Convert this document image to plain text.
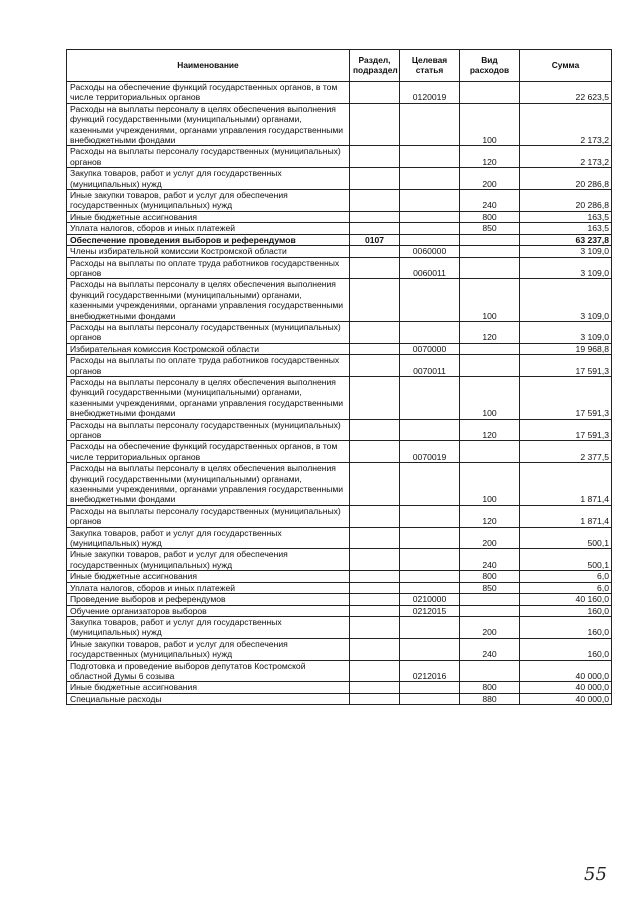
Наименование	Раздел, подраздел	Целевая статья	Вид расходов	Сумма
Расходы на обеспечение функций государственных органов, в том числе территориальных органов		0120019		22 623,5
Расходы на выплаты персоналу в целях обеспечения выполнения функций государственными (муниципальными) органами, казенными учреждениями, органами управления государственными внебюджетными фондами			100	2 173,2
Расходы на выплаты персоналу государственных (муниципальных) органов			120	2 173,2
Закупка товаров, работ и услуг для государственных (муниципальных) нужд			200	20 286,8
Иные закупки товаров, работ и услуг для обеспечения государственных (муниципальных) нужд			240	20 286,8
Иные бюджетные ассигнования			800	163,5
Уплата налогов, сборов и иных платежей			850	163,5
Обеспечение проведения выборов и референдумов	0107			63 237,8
Члены избирательной комиссии Костромской области		0060000		3 109,0
Расходы на выплаты по оплате труда работников государственных органов		0060011		3 109,0
Расходы на выплаты персоналу в целях обеспечения выполнения функций государственными (муниципальными) органами, казенными учреждениями, органами управления государственными внебюджетными фондами			100	3 109,0
Расходы на выплаты персоналу государственных (муниципальных) органов			120	3 109,0
Избирательная комиссия Костромской области		0070000		19 968,8
Расходы на выплаты по оплате труда работников государственных органов		0070011		17 591,3
Расходы на выплаты персоналу в целях обеспечения выполнения функций государственными (муниципальными) органами, казенными учреждениями, органами управления государственными внебюджетными фондами			100	17 591,3
Расходы на выплаты персоналу государственных (муниципальных) органов			120	17 591,3
Расходы на обеспечение функций государственных органов, в том числе территориальных органов		0070019		2 377,5
Расходы на выплаты персоналу в целях обеспечения выполнения функций государственными (муниципальными) органами, казенными учреждениями, органами управления государственными внебюджетными фондами			100	1 871,4
Расходы на выплаты персоналу государственных (муниципальных) органов			120	1 871,4
Закупка товаров, работ и услуг для государственных (муниципальных) нужд			200	500,1
Иные закупки товаров, работ и услуг для обеспечения государственных (муниципальных) нужд			240	500,1
Иные бюджетные ассигнования			800	6,0
Уплата налогов, сборов и иных платежей			850	6,0
Проведение выборов и референдумов		0210000		40 160,0
Обучение организаторов выборов		0212015		160,0
Закупка товаров, работ и услуг для государственных (муниципальных) нужд			200	160,0
Иные закупки товаров, работ и услуг для обеспечения государственных (муниципальных) нужд			240	160,0
Подготовка и проведение выборов депутатов Костромской областной Думы 6 созыва		0212016		40 000,0
Иные бюджетные ассигнования			800	40 000,0
Специальные расходы			880	40 000,0
55
